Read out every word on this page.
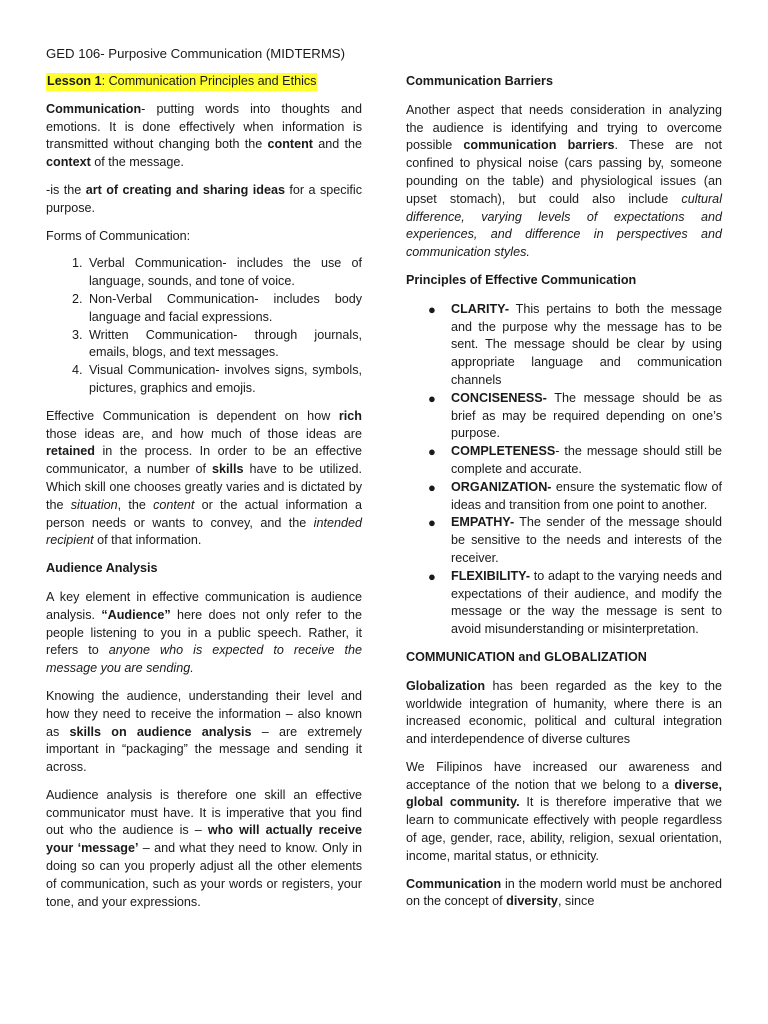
GED 106- Purposive Communication (MIDTERMS)
Lesson 1: Communication Principles and Ethics

Communication- putting words into thoughts and emotions. It is done effectively when information is transmitted without changing both the content and the context of the message.

-is the art of creating and sharing ideas for a specific purpose.

Forms of Communication:

1. Verbal Communication- includes the use of language, sounds, and tone of voice.
2. Non-Verbal Communication- includes body language and facial expressions.
3. Written Communication- through journals, emails, blogs, and text messages.
4. Visual Communication- involves signs, symbols, pictures, graphics and emojis.

Effective Communication is dependent on how rich those ideas are, and how much of those ideas are retained in the process. In order to be an effective communicator, a number of skills have to be utilized. Which skill one chooses greatly varies and is dictated by the situation, the content or the actual information a person needs or wants to convey, and the intended recipient of that information.

Audience Analysis

A key element in effective communication is audience analysis. “Audience” here does not only refer to the people listening to you in a public speech. Rather, it refers to anyone who is expected to receive the message you are sending.

Knowing the audience, understanding their level and how they need to receive the information – also known as skills on audience analysis – are extremely important in “packaging” the message and sending it across.

Audience analysis is therefore one skill an effective communicator must have. It is imperative that you find out who the audience is – who will actually receive your ‘message’ – and what they need to know. Only in doing so can you properly adjust all the other elements of communication, such as your words or registers, your tone, and your expressions.

Communication Barriers

Another aspect that needs consideration in analyzing the audience is identifying and trying to overcome possible communication barriers. These are not confined to physical noise (cars passing by, someone pounding on the table) and physiological issues (an upset stomach), but could also include cultural difference, varying levels of expectations and experiences, and difference in perspectives and communication styles.

Principles of Effective Communication

● CLARITY- This pertains to both the message and the purpose why the message has to be sent. The message should be clear by using appropriate language and communication channels
● CONCISENESS- The message should be as brief as may be required depending on one’s purpose.
● COMPLETENESS- the message should still be complete and accurate.
● ORGANIZATION- ensure the systematic flow of ideas and transition from one point to another.
● EMPATHY- The sender of the message should be sensitive to the needs and interests of the receiver.
● FLEXIBILITY- to adapt to the varying needs and expectations of their audience, and modify the message or the way the message is sent to avoid misunderstanding or misinterpretation.

COMMUNICATION and GLOBALIZATION

Globalization has been regarded as the key to the worldwide integration of humanity, where there is an increased economic, political and cultural integration and interdependence of diverse cultures

We Filipinos have increased our awareness and acceptance of the notion that we belong to a diverse, global community. It is therefore imperative that we learn to communicate effectively with people regardless of age, gender, race, ability, religion, sexual orientation, income, marital status, or ethnicity.

Communication in the modern world must be anchored on the concept of diversity, since
